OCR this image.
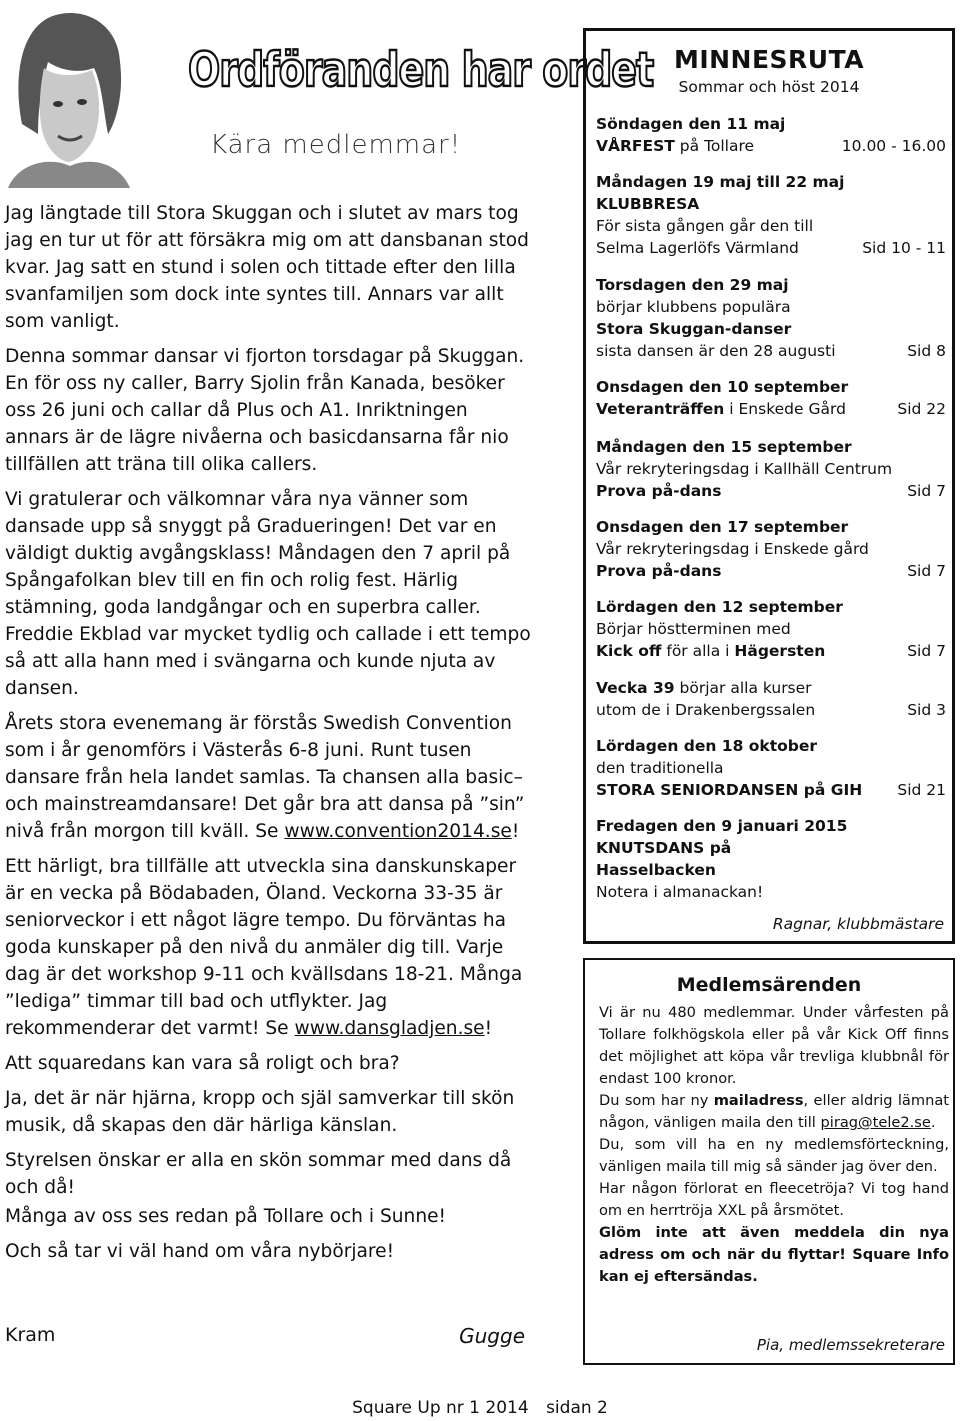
Ordföranden har ordet
Kära medlemmar!

Jag längtade till Stora Skuggan och i slutet av mars tog jag en tur ut för att försäkra mig om att dansbanan stod kvar. Jag satt en stund i solen och tittade efter den lilla svanfamiljen som dock inte syntes till. Annars var allt som vanligt.

Denna sommar dansar vi fjorton torsdagar på Skuggan. En för oss ny caller, Barry Sjolin från Kanada, besöker oss 26 juni och callar då Plus och A1. Inriktningen annars är de lägre nivåerna och basicdansarna får nio tillfällen att träna till olika callers.

Vi gratulerar och välkomnar våra nya vänner som dansade upp så snyggt på Gradueringen! Det var en väldigt duktig avgångsklass! Måndagen den 7 april på Spångafolkan blev till en fin och rolig fest. Härlig stämning, goda landgångar och en superbra caller. Freddie Ekblad var mycket tydlig och callade i ett tempo så att alla hann med i svängarna och kunde njuta av dansen.

Årets stora evenemang är förstås Swedish Convention som i år genomförs i Västerås 6-8 juni. Runt tusen dansare från hela landet samlas. Ta chansen alla basic– och mainstreamdansare! Det går bra att dansa på ”sin” nivå från morgon till kväll. Se www.convention2014.se!

Ett härligt, bra tillfälle att utveckla sina danskunskaper är en vecka på Bödabaden, Öland. Veckorna 33-35 är seniorveckor i ett något lägre tempo. Du förväntas ha goda kunskaper på den nivå du anmäler dig till. Varje dag är det workshop 9-11 och kvällsdans 18-21. Många ”lediga” timmar till bad och utflykter. Jag rekommenderar det varmt! Se www.dansgladjen.se!

Att squaredans kan vara så roligt och bra?

Ja, det är när hjärna, kropp och själ samverkar till skön musik, då skapas den där härliga känslan.

Styrelsen önskar er alla en skön sommar med dans då och då!

Många av oss ses redan på Tollare och i Sunne!

Och så tar vi väl hand om våra nybörjare!

Kram	Gugge
MINNESRUTA
Sommar och höst 2014
Söndagen den 11 maj
VÅRFEST på Tollare	10.00 - 16.00
Måndagen 19 maj till 22 maj
KLUBBRESA
För sista gången går den till
Selma Lagerlöfs Värmland	Sid 10 - 11
Torsdagen den 29 maj
börjar klubbens populära
Stora Skuggan-danser
sista dansen är den 28 augusti	Sid 8
Onsdagen den 10 september
Veteranträffen i Enskede Gård	Sid 22
Måndagen den 15 september
Vår rekryteringsdag i Kallhäll Centrum
Prova på-dans	Sid 7
Onsdagen den 17 september
Vår rekryteringsdag i Enskede gård
Prova på-dans	Sid 7
Lördagen den 12 september
Börjar höstterminen med
Kick off för alla i Hägersten	Sid 7
Vecka 39 börjar alla kurser
utom de i Drakenbergssalen	Sid 3
Lördagen den 18 oktober
den traditionella
STORA SENIORDANSEN på GIH Sid 21
Fredagen den 9 januari 2015
KNUTSDANS på
Hasselbacken
Notera i almanackan!
Ragnar, klubbmästare
Medlemsärenden

Vi är nu 480 medlemmar. Under vårfesten på Tollare folkhögskola eller på vår Kick Off finns det möjlighet att köpa vår trevliga klubbnål för endast 100 kronor.

Du som har ny mailadress, eller aldrig lämnat någon, vänligen maila den till pirag@tele2.se.

Du, som vill ha en ny medlemsförteckning, vänligen maila till mig så sänder jag över den.

Har någon förlorat en fleecetröja? Vi tog hand om en herrtröja XXL på årsmötet.

Glöm inte att även meddela din nya adress om och när du flyttar! Square Info kan ej eftersändas.

Pia, medlemssekreterare
Square Up nr 1 2014 sidan 2
